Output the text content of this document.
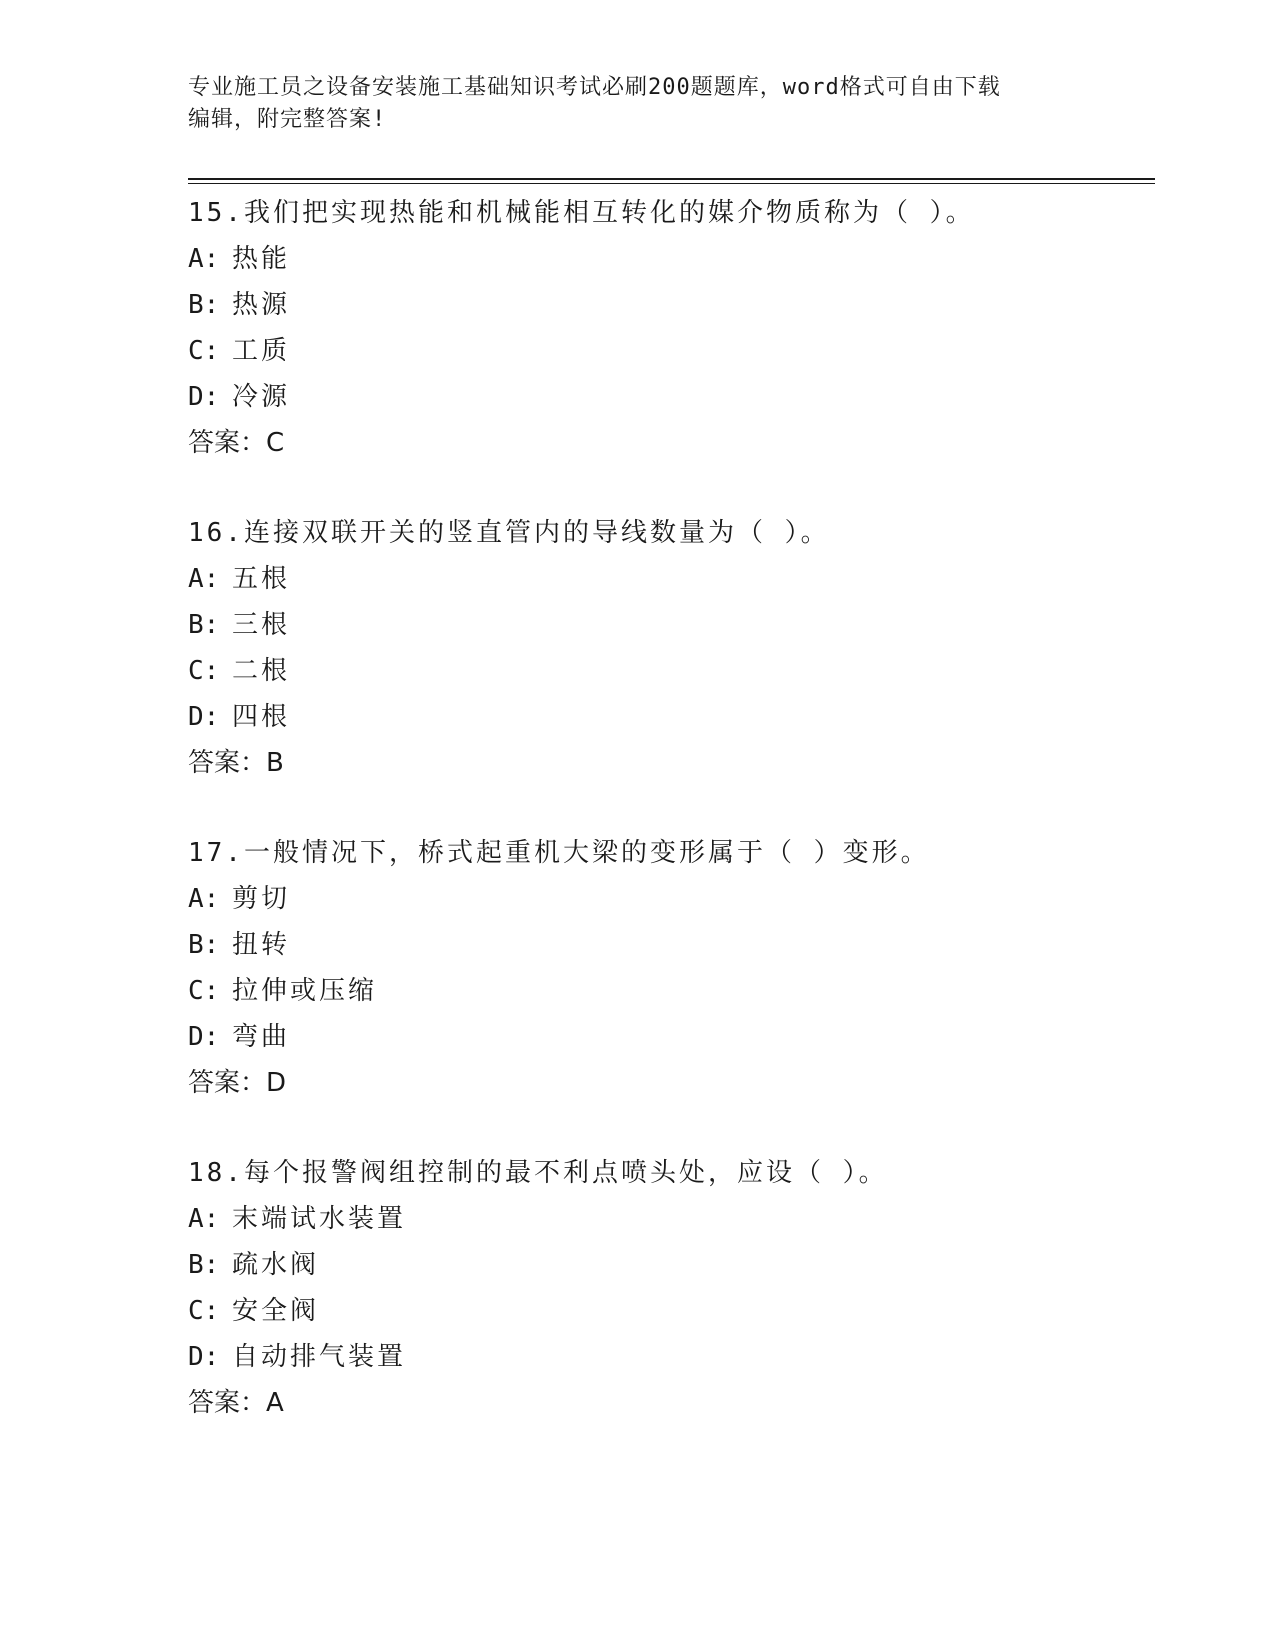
专业施工员之设备安装施工基础知识考试必刷200题题库，word格式可自由下载
编辑，附完整答案!
15.我们把实现热能和机械能相互转化的媒介物质称为（ ）。
A: 热能
B: 热源
C: 工质
D: 冷源
答案：C
16.连接双联开关的竖直管内的导线数量为（ ）。
A: 五根
B: 三根
C: 二根
D: 四根
答案：B
17.一般情况下，桥式起重机大梁的变形属于（ ）变形。
A: 剪切
B: 扭转
C: 拉伸或压缩
D: 弯曲
答案：D
18.每个报警阀组控制的最不利点喷头处，应设（ ）。
A: 末端试水装置
B: 疏水阀
C: 安全阀
D: 自动排气装置
答案：A
